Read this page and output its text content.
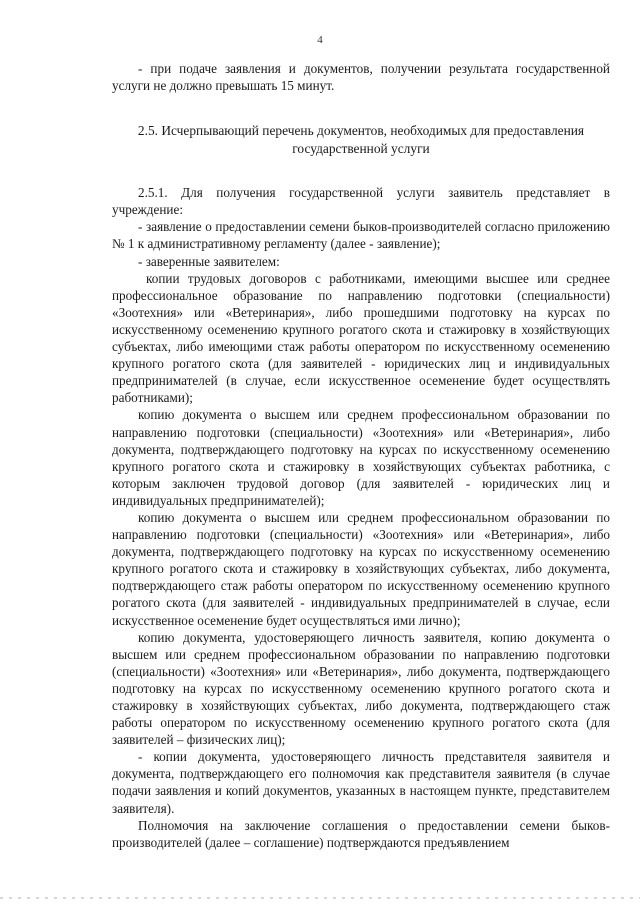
4

- при подаче заявления и документов, получении результата государственной услуги не должно превышать 15 минут.

2.5. Исчерпывающий перечень документов, необходимых для предоставления государственной услуги

2.5.1. Для получения государственной услуги заявитель представляет в учреждение:

- заявление о предоставлении семени быков-производителей согласно приложению № 1 к административному регламенту (далее - заявление);

- заверенные заявителем:

копии трудовых договоров с работниками, имеющими высшее или среднее профессиональное образование по направлению подготовки (специальности) «Зоотехния» или «Ветеринария», либо прошедшими подготовку на курсах по искусственному осеменению крупного рогатого скота и стажировку в хозяйствующих субъектах, либо имеющими стаж работы оператором по искусственному осеменению крупного рогатого скота (для заявителей - юридических лиц и индивидуальных предпринимателей (в случае, если искусственное осеменение будет осуществлять работниками);

копию документа о высшем или среднем профессиональном образовании по направлению подготовки (специальности) «Зоотехния» или «Ветеринария», либо документа, подтверждающего подготовку на курсах по искусственному осеменению крупного рогатого скота и стажировку в хозяйствующих субъектах работника, с которым заключен трудовой договор (для заявителей - юридических лиц и индивидуальных предпринимателей);

копию документа о высшем или среднем профессиональном образовании по направлению подготовки (специальности) «Зоотехния» или «Ветеринария», либо документа, подтверждающего подготовку на курсах по искусственному осеменению крупного рогатого скота и стажировку в хозяйствующих субъектах, либо документа, подтверждающего стаж работы оператором по искусственному осеменению крупного рогатого скота (для заявителей - индивидуальных предпринимателей в случае, если искусственное осеменение будет осуществляться ими лично);

копию документа, удостоверяющего личность заявителя, копию документа о высшем или среднем профессиональном образовании по направлению подготовки (специальности) «Зоотехния» или «Ветеринария», либо документа, подтверждающего подготовку на курсах по искусственному осеменению крупного рогатого скота и стажировку в хозяйствующих субъектах, либо документа, подтверждающего стаж работы оператором по искусственному осеменению крупного рогатого скота (для заявителей – физических лиц);

- копии документа, удостоверяющего личность представителя заявителя и документа, подтверждающего его полномочия как представителя заявителя (в случае подачи заявления и копий документов, указанных в настоящем пункте, представителем заявителя).

Полномочия на заключение соглашения о предоставлении семени быков-производителей (далее – соглашение) подтверждаются предъявлением
